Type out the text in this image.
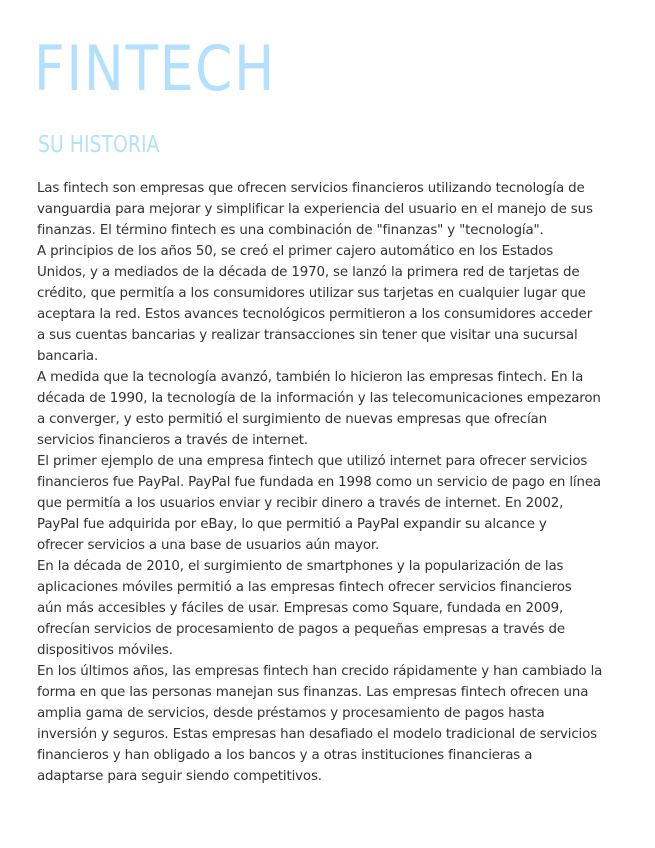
FINTECH
SU HISTORIA

Las fintech son empresas que ofrecen servicios financieros utilizando tecnología de
vanguardia para mejorar y simplificar la experiencia del usuario en el manejo de sus
finanzas. El término fintech es una combinación de "finanzas" y "tecnología".

A principios de los años 50, se creó el primer cajero automático en los Estados
Unidos, y a mediados de la década de 1970, se lanzó la primera red de tarjetas de
crédito, que permitía a los consumidores utilizar sus tarjetas en cualquier lugar que
aceptara la red. Estos avances tecnológicos permitieron a los consumidores acceder
a sus cuentas bancarias y realizar transacciones sin tener que visitar una sucursal
bancaria.

A medida que la tecnología avanzó, también lo hicieron las empresas fintech. En la
década de 1990, la tecnología de la información y las telecomunicaciones empezaron
a converger, y esto permitió el surgimiento de nuevas empresas que ofrecían
servicios financieros a través de internet.

El primer ejemplo de una empresa fintech que utilizó internet para ofrecer servicios
financieros fue PayPal. PayPal fue fundada en 1998 como un servicio de pago en línea
que permitía a los usuarios enviar y recibir dinero a través de internet. En 2002,
PayPal fue adquirida por eBay, lo que permitió a PayPal expandir su alcance y
ofrecer servicios a una base de usuarios aún mayor.

En la década de 2010, el surgimiento de smartphones y la popularización de las
aplicaciones móviles permitió a las empresas fintech ofrecer servicios financieros
aún más accesibles y fáciles de usar. Empresas como Square, fundada en 2009,
ofrecían servicios de procesamiento de pagos a pequeñas empresas a través de
dispositivos móviles.

En los últimos años, las empresas fintech han crecido rápidamente y han cambiado la
forma en que las personas manejan sus finanzas. Las empresas fintech ofrecen una
amplia gama de servicios, desde préstamos y procesamiento de pagos hasta
inversión y seguros. Estas empresas han desafiado el modelo tradicional de servicios
financieros y han obligado a los bancos y a otras instituciones financieras a
adaptarse para seguir siendo competitivos.
